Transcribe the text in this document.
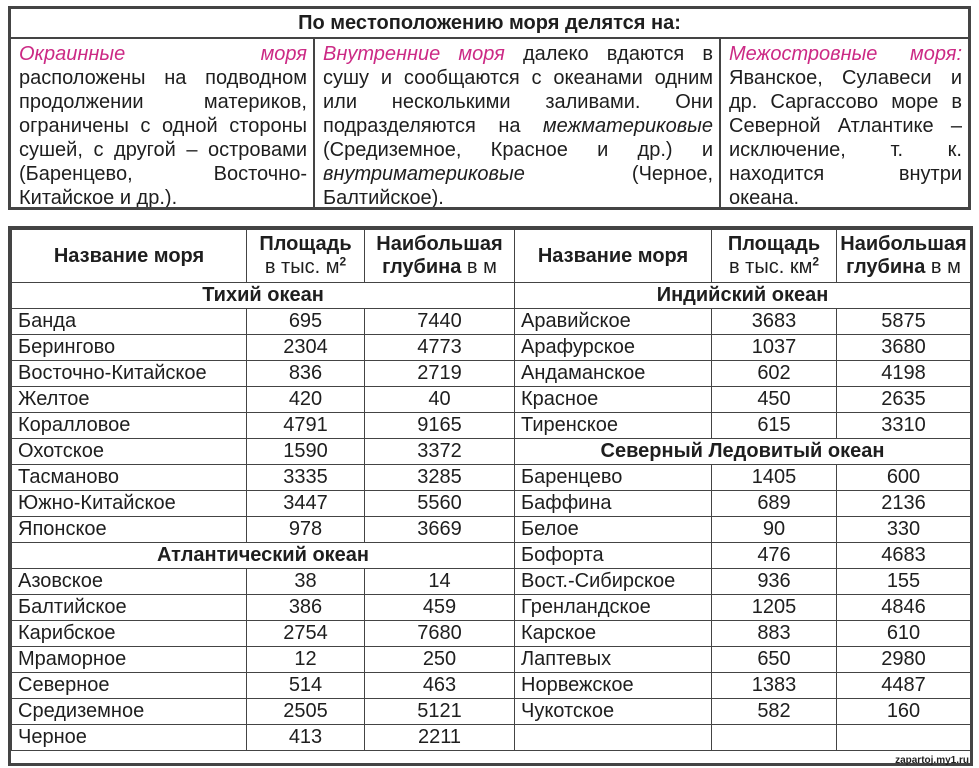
По местоположению моря делятся на:
Окраинные моря расположены на подводном продолжении материков, ограничены с одной стороны сушей, с другой – островами (Баренцево, Восточно-Китайское и др.).
Внутренние моря далеко вдаются в сушу и сообщаются с океанами одним или несколькими заливами. Они подразделяются на межматериковые (Средиземное, Красное и др.) и внутриматериковые (Черное, Балтийское).
Межостровные моря: Яванское, Сулавеси и др. Саргассово море в Северной Атлантике – исключение, т. к. находится внутри океана.
Название моря	Площадь
в тыс. $м^2$	Наибольшая
глубина в м	Название моря	Площадь
в тыс. $км^2$	Наибольшая
глубина в м
Тихий океан			Индийский океан		
Банда	695	7440	Аравийское	3683	5875
Берингово	2304	4773	Арафурское	1037	3680
Восточно-Китайское	836	2719	Андаманское	602	4198
Желтое	420	40	Красное	450	2635
Коралловое	4791	9165	Тиренское	615	3310
Охотское	1590	3372	Северный Ледовитый океан		
Тасманово	3335	3285	Баренцево	1405	600
Южно-Китайское	3447	5560	Баффина	689	2136
Японское	978	3669	Белое	90	330
Атлантический океан			Бофорта	476	4683
Азовское	38	14	Вост.-Сибирское	936	155
Балтийское	386	459	Гренландское	1205	4846
Карибское	2754	7680	Карское	883	610
Мраморное	12	250	Лаптевых	650	2980
Северное	514	463	Норвежское	1383	4487
Средиземное	2505	5121	Чукотское	582	160
Черное	413	2211			
zapartoj.my1.ru
